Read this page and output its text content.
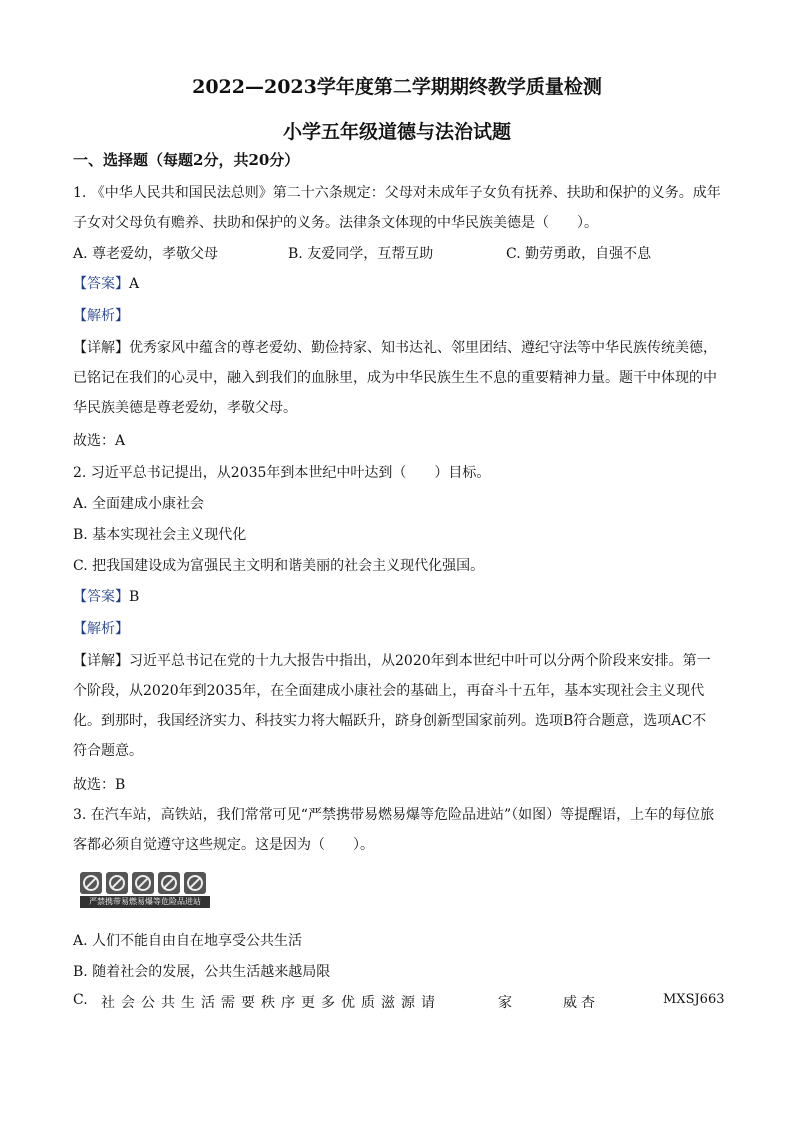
2022—2023学年度第二学期期终教学质量检测
小学五年级道德与法治试题
一、选择题（每题2分，共20分）
1. 《中华人民共和国民法总则》第二十六条规定：父母对未成年子女负有抚养、扶助和保护的义务。成年
子女对父母负有赡养、扶助和保护的义务。法律条文体现的中华民族美德是（　　）。
A. 尊老爱幼，孝敬父母	B. 友爱同学，互帮互助	C. 勤劳勇敢，自强不息
【答案】A
【解析】
【详解】优秀家风中蕴含的尊老爱幼、勤俭持家、知书达礼、邻里团结、遵纪守法等中华民族传统美德，
已铭记在我们的心灵中，融入到我们的血脉里，成为中华民族生生不息的重要精神力量。题干中体现的中
华民族美德是尊老爱幼，孝敬父母。
故选：A
2. 习近平总书记提出，从2035年到本世纪中叶达到（　　）目标。
A. 全面建成小康社会
B. 基本实现社会主义现代化
C. 把我国建设成为富强民主文明和谐美丽的社会主义现代化强国。
【答案】B
【解析】
【详解】习近平总书记在党的十九大报告中指出，从2020年到本世纪中叶可以分两个阶段来安排。第一
个阶段，从2020年到2035年，在全面建成小康社会的基础上，再奋斗十五年，基本实现社会主义现代
化。到那时，我国经济实力、科技实力将大幅跃升，跻身创新型国家前列。选项B符合题意，选项AC不
符合题意。
故选：B
3. 在汽车站，高铁站，我们常常可见“严禁携带易燃易爆等危险品进站”（如图）等提醒语，上车的每位旅
客都必须自觉遵守这些规定。这是因为（　　）。
严禁携带易燃易爆等危险品进站
A. 人们不能自由自在地享受公共生活
B. 随着社会的发展，公共生活越来越局限
C. 社会公共生活需要秩序更多优质滋源请	家	威杏	MXSJ663
